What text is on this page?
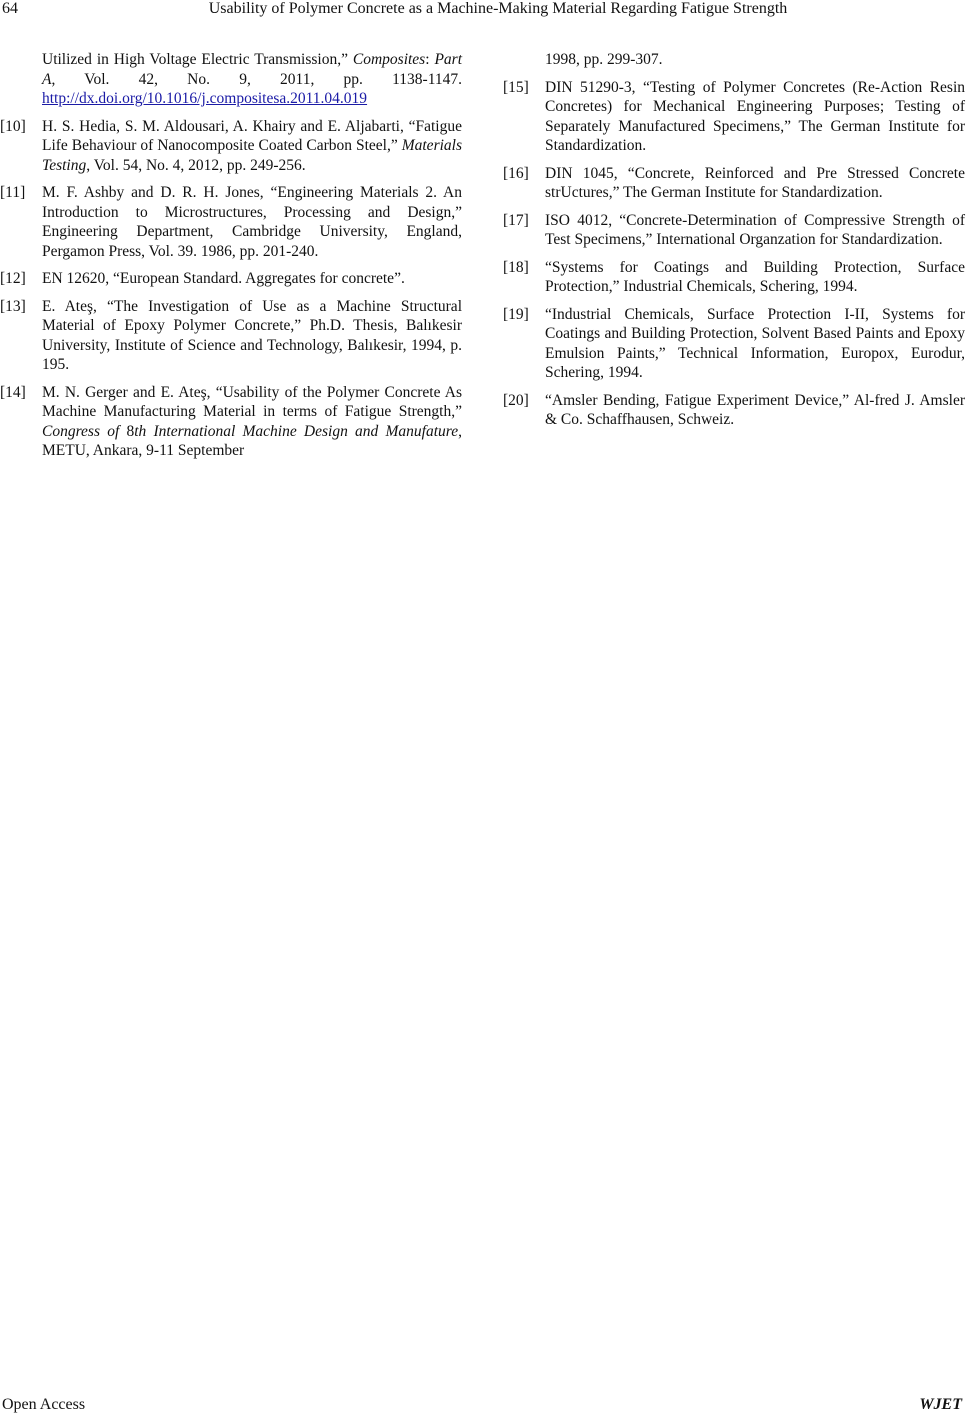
64	Usability of Polymer Concrete as a Machine-Making Material Regarding Fatigue Strength
Utilized in High Voltage Electric Transmission,” Composites: Part A, Vol. 42, No. 9, 2011, pp. 1138-1147. http://dx.doi.org/10.1016/j.compositesa.2011.04.019
[10]	H. S. Hedia, S. M. Aldousari, A. Khairy and E. Aljabarti, “Fatigue Life Behaviour of Nanocomposite Coated Carbon Steel,” Materials Testing, Vol. 54, No. 4, 2012, pp. 249-256.
[11]	M. F. Ashby and D. R. H. Jones, “Engineering Materials 2. An Introduction to Microstructures, Processing and Design,” Engineering Department, Cambridge University, England, Pergamon Press, Vol. 39. 1986, pp. 201-240.
[12]	EN 12620, “European Standard. Aggregates for concrete”.
[13]	E. Ateş, “The Investigation of Use as a Machine Structural Material of Epoxy Polymer Concrete,” Ph.D. Thesis, Balıkesir University, Institute of Science and Technology, Balıkesir, 1994, p. 195.
[14]	M. N. Gerger and E. Ateş, “Usability of the Polymer Concrete As Machine Manufacturing Material in terms of Fatigue Strength,” Congress of 8th International Machine Design and Manufature, METU, Ankara, 9-11 September
1998, pp. 299-307.
[15]	DIN 51290-3, “Testing of Polymer Concretes (Re-Action Resin Concretes) for Mechanical Engineering Purposes; Testing of Separately Manufactured Specimens,” The German Institute for Standardization.
[16]	DIN 1045, “Concrete, Reinforced and Pre Stressed Concrete strUctures,” The German Institute for Standardization.
[17]	ISO 4012, “Concrete-Determination of Compressive Strength of Test Specimens,” International Organzation for Standardization.
[18]	“Systems for Coatings and Building Protection, Surface Protection,” Industrial Chemicals, Schering, 1994.
[19]	“Industrial Chemicals, Surface Protection I-II, Systems for Coatings and Building Protection, Solvent Based Paints and Epoxy Emulsion Paints,” Technical Information, Europox, Eurodur, Schering, 1994.
[20]	“Amsler Bending, Fatigue Experiment Device,” Al-fred J. Amsler & Co. Schaffhausen, Schweiz.
Open Access	WJET
